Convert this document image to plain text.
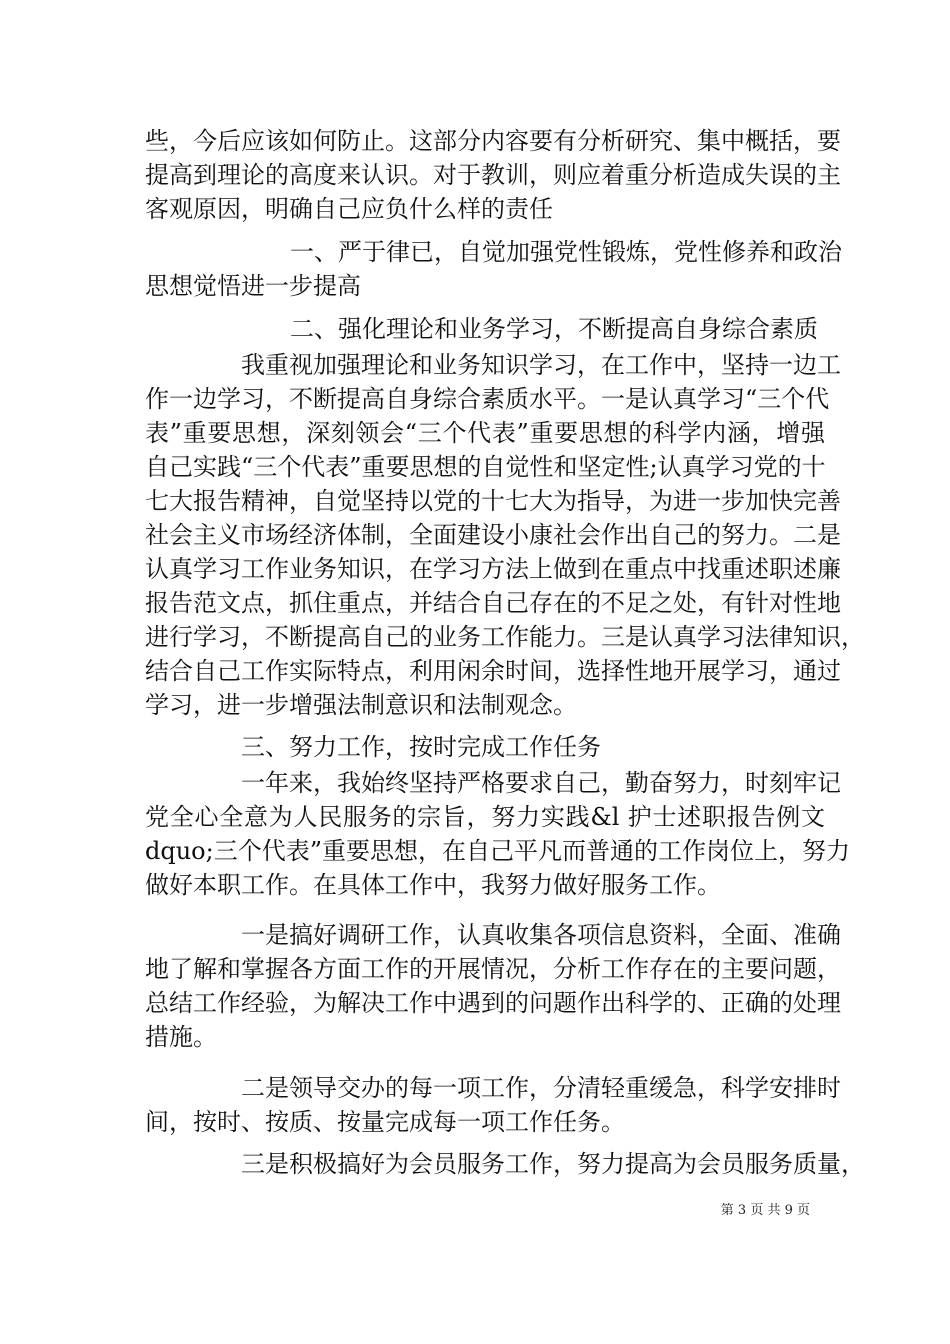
些，今后应该如何防止。这部分内容要有分析研究、集中概括，要
提高到理论的高度来认识。对于教训，则应着重分析造成失误的主
客观原因，明确自己应负什么样的责任
一、严于律已，自觉加强党性锻炼，党性修养和政治
思想觉悟进一步提高
二、强化理论和业务学习，不断提高自身综合素质
我重视加强理论和业务知识学习，在工作中，坚持一边工
作一边学习，不断提高自身综合素质水平。一是认真学习“三个代
表”重要思想，深刻领会“三个代表”重要思想的科学内涵，增强
自己实践“三个代表”重要思想的自觉性和坚定性;认真学习党的十
七大报告精神，自觉坚持以党的十七大为指导，为进一步加快完善
社会主义市场经济体制，全面建设小康社会作出自己的努力。二是
认真学习工作业务知识，在学习方法上做到在重点中找重述职述廉
报告范文点，抓住重点，并结合自己存在的不足之处，有针对性地
进行学习，不断提高自己的业务工作能力。三是认真学习法律知识，
结合自己工作实际特点，利用闲余时间，选择性地开展学习，通过
学习，进一步增强法制意识和法制观念。
三、努力工作，按时完成工作任务
一年来，我始终坚持严格要求自己，勤奋努力，时刻牢记
党全心全意为人民服务的宗旨，努力实践&l 护士述职报告例文
dquo;三个代表”重要思想，在自己平凡而普通的工作岗位上，努力
做好本职工作。在具体工作中，我努力做好服务工作。
一是搞好调研工作，认真收集各项信息资料，全面、准确
地了解和掌握各方面工作的开展情况，分析工作存在的主要问题，
总结工作经验，为解决工作中遇到的问题作出科学的、正确的处理
措施。
二是领导交办的每一项工作，分清轻重缓急，科学安排时
间，按时、按质、按量完成每一项工作任务。
三是积极搞好为会员服务工作，努力提高为会员服务质量，
第 3 页 共 9 页
